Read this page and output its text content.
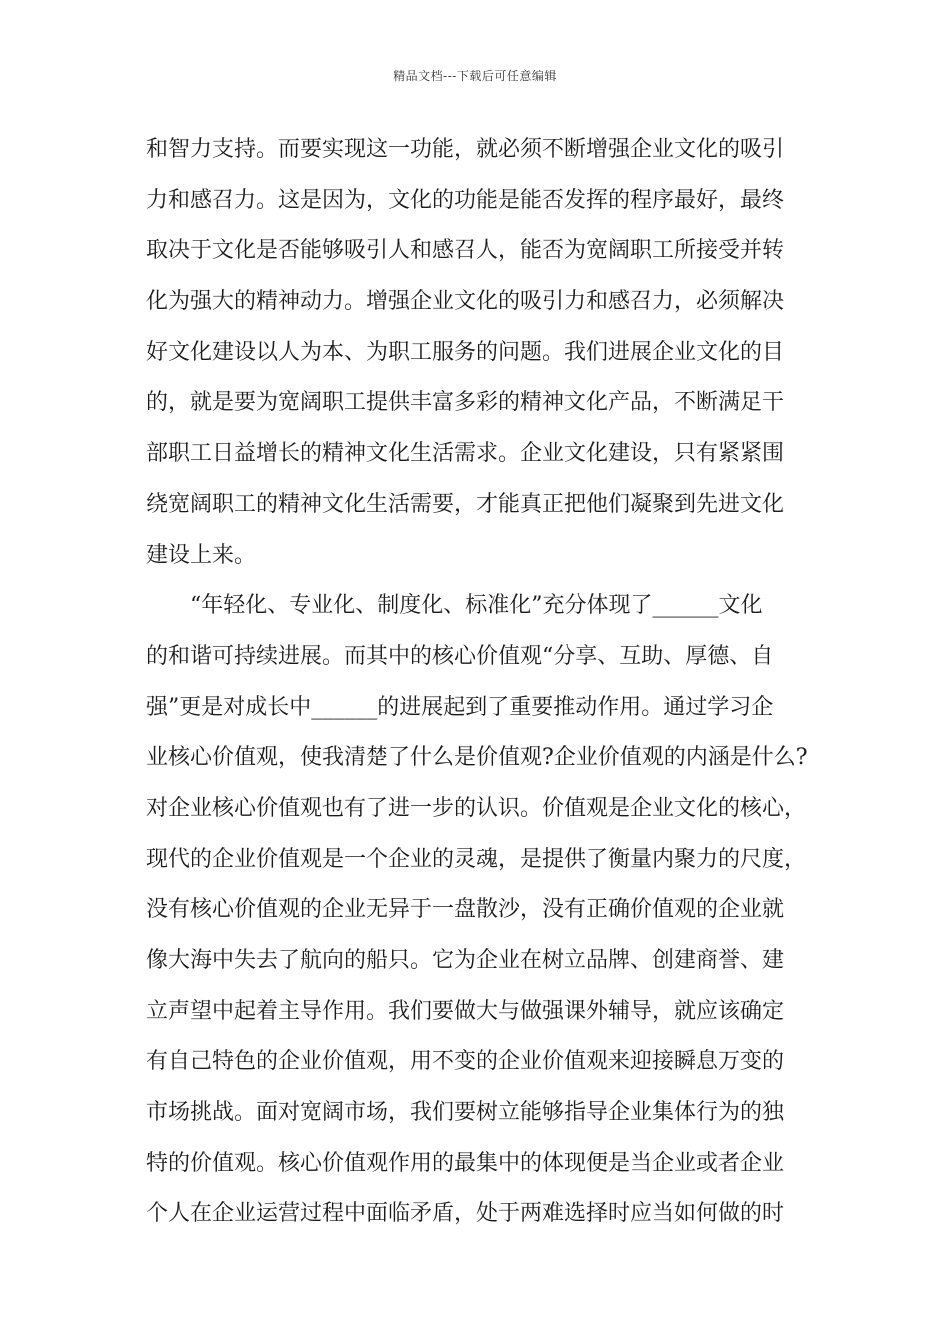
精品文档---下载后可任意编辑
和智力支持。而要实现这一功能，就必须不断增强企业文化的吸引
力和感召力。这是因为，文化的功能是能否发挥的程序最好，最终
取决于文化是否能够吸引人和感召人，能否为宽阔职工所接受并转
化为强大的精神动力。增强企业文化的吸引力和感召力，必须解决
好文化建设以人为本、为职工服务的问题。我们进展企业文化的目
的，就是要为宽阔职工提供丰富多彩的精神文化产品，不断满足干
部职工日益增长的精神文化生活需求。企业文化建设，只有紧紧围
绕宽阔职工的精神文化生活需要，才能真正把他们凝聚到先进文化
建设上来。
“年轻化、专业化、制度化、标准化”充分体现了______文化
的和谐可持续进展。而其中的核心价值观“分享、互助、厚德、自
强”更是对成长中______的进展起到了重要推动作用。通过学习企
业核心价值观，使我清楚了什么是价值观?企业价值观的内涵是什么?
对企业核心价值观也有了进一步的认识。价值观是企业文化的核心，
现代的企业价值观是一个企业的灵魂，是提供了衡量内聚力的尺度，
没有核心价值观的企业无异于一盘散沙，没有正确价值观的企业就
像大海中失去了航向的船只。它为企业在树立品牌、创建商誉、建
立声望中起着主导作用。我们要做大与做强课外辅导，就应该确定
有自己特色的企业价值观，用不变的企业价值观来迎接瞬息万变的
市场挑战。面对宽阔市场，我们要树立能够指导企业集体行为的独
特的价值观。核心价值观作用的最集中的体现便是当企业或者企业
个人在企业运营过程中面临矛盾，处于两难选择时应当如何做的时
